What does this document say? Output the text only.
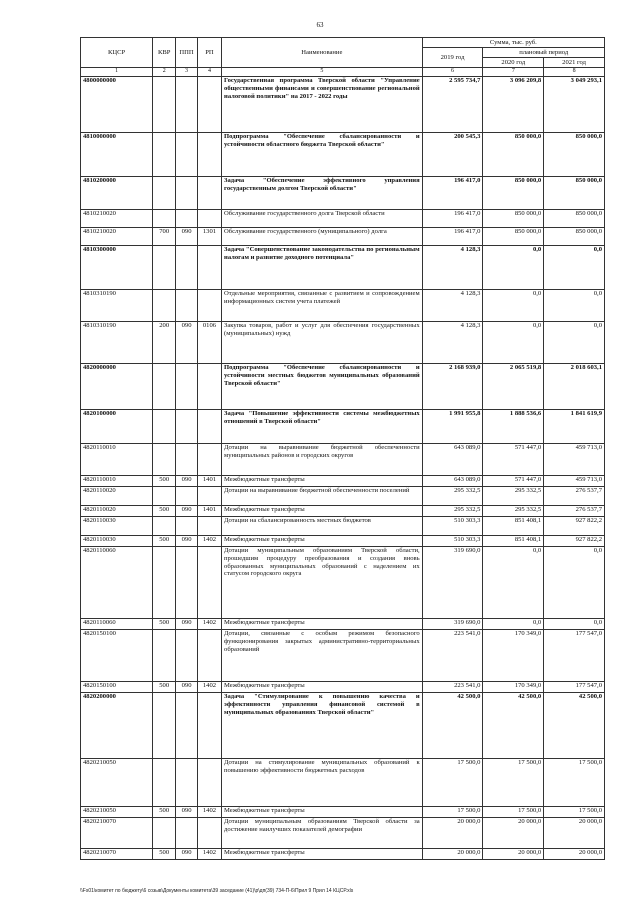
63
КЦСР	КВР	ППП	РП	Наименование	Сумма, тыс. руб.		
					2019 год	плановый период	
						2020 год	2021 год
1	2	3	4	5	6	7	8
4800000000				Государственная программа Тверской области "Управление общественными финансами и совершенствование региональной налоговой политики" на 2017 - 2022 годы	2 595 734,7	3 096 209,8	3 049 293,1
4810000000				Подпрограмма "Обеспечение сбалансированности и устойчивости областного бюджета Тверской области"	200 545,3	850 000,0	850 000,0
4810200000				Задача "Обеспечение эффективного управления государственным долгом Тверской области"	196 417,0	850 000,0	850 000,0
4810210020				Обслуживание государственного долга Тверской области	196 417,0	850 000,0	850 000,0
4810210020	700	090	1301	Обслуживание государственного (муниципального) долга	196 417,0	850 000,0	850 000,0
4810300000				Задача "Совершенствование законодательства по региональным налогам и развитие доходного потенциала"	4 128,3	0,0	0,0
4810310190				Отдельные мероприятия, связанные с развитием и сопровождением информационных систем учета платежей	4 128,3	0,0	0,0
4810310190	200	090	0106	Закупка товаров, работ и услуг для обеспечения государственных (муниципальных) нужд	4 128,3	0,0	0,0
4820000000				Подпрограмма "Обеспечение сбалансированности и устойчивости местных бюджетов муниципальных образований Тверской области"	2 168 939,0	2 065 519,8	2 018 603,1
4820100000				Задача "Повышение эффективности системы межбюджетных отношений в Тверской области"	1 991 955,8	1 888 536,6	1 841 619,9
4820110010				Дотации на выравнивание бюджетной обеспеченности муниципальных районов и городских округов	643 089,0	571 447,0	459 713,0
4820110010	500	090	1401	Межбюджетные трансферты	643 089,0	571 447,0	459 713,0
4820110020				Дотации на выравнивание бюджетной обеспеченности поселений	295 332,5	295 332,5	276 537,7
4820110020	500	090	1401	Межбюджетные трансферты	295 332,5	295 332,5	276 537,7
4820110030				Дотации на сбалансированность местных бюджетов	510 303,3	851 408,1	927 822,2
4820110030	500	090	1402	Межбюджетные трансферты	510 303,3	851 408,1	927 822,2
4820110060				Дотации муниципальным образованиям Тверской области, прошедшим процедуру преобразования и создания вновь образованных муниципальных образований с наделением их статусом городского округа	319 690,0	0,0	0,0
4820110060	500	090	1402	Межбюджетные трансферты	319 690,0	0,0	0,0
4820150100				Дотации, связанные с особым режимом безопасного функционирования закрытых административно-территориальных образований	223 541,0	170 349,0	177 547,0
4820150100	500	090	1402	Межбюджетные трансферты	223 541,0	170 349,0	177 547,0
4820200000				Задача "Стимулирование к повышению качества и эффективности управления финансовой системой в муниципальных образованиях Тверской области"	42 500,0	42 500,0	42 500,0
4820210050				Дотации на стимулирование муниципальных образований к повышению эффективности бюджетных расходов	17 500,0	17 500,0	17 500,0
4820210050	500	090	1402	Межбюджетные трансферты	17 500,0	17 500,0	17 500,0
4820210070				Дотации муниципальным образованиям Тверской области за достижение наилучших показателей демографии	20 000,0	20 000,0	20 000,0
4820210070	500	090	1402	Межбюджетные трансферты	20 000,0	20 000,0	20 000,0
\\Fs01\комитет по бюджету\6 созыв\Документы комитета\39 заседание (41)\р\дп(39) 734-П-6\Прил 9 Прил 14 КЦСР.xls
